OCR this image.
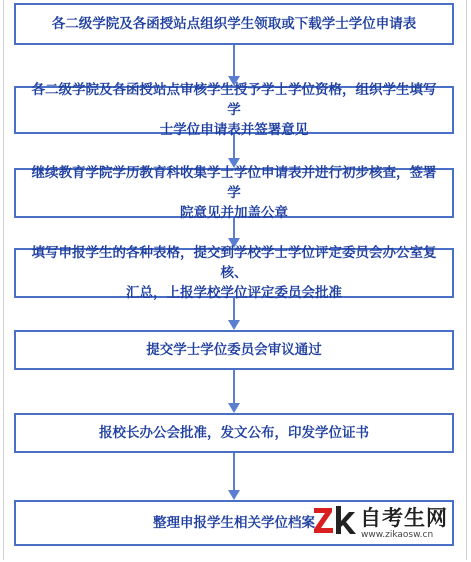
各二级学院及各函授站点组织学生领取或下载学士学位申请表
各二级学院及各函授站点审核学生授予学士学位资格，组织学生填写学
士学位申请表并签署意见
继续教育学院学历教育科收集学士学位申请表并进行初步核查，签署学
院意见并加盖公章
填写申报学生的各种表格，提交到学校学士学位评定委员会办公室复核、
汇总，上报学校学位评定委员会批准
提交学士学位委员会审议通过
报校长办公会批准，发文公布，印发学位证书
整理申报学生相关学位档案 自考生网
www.zikaosw.cn
